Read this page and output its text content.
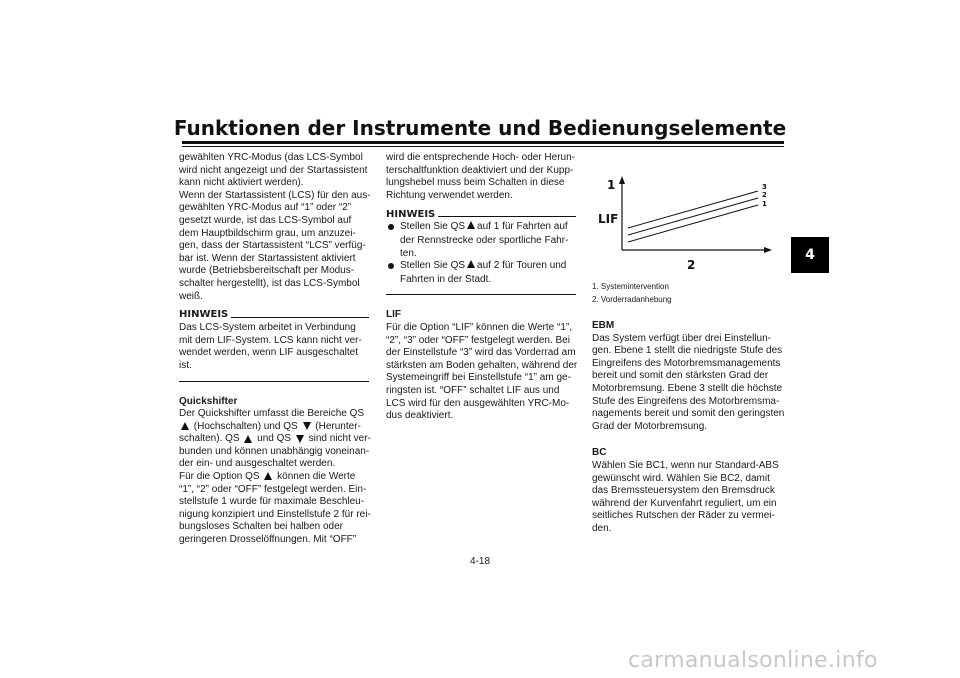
Funktionen der Instrumente und Bedienungselemente
4

gewählten YRC-Modus (das LCS-Symbol

wird nicht angezeigt und der Startassistent

kann nicht aktiviert werden).

Wenn der Startassistent (LCS) für den aus-

gewählten YRC-Modus auf “1” oder “2”

gesetzt wurde, ist das LCS-Symbol auf

dem Hauptbildschirm grau, um anzuzei-

gen, dass der Startassistent “LCS” verfüg-

bar ist. Wenn der Startassistent aktiviert

wurde (Betriebsbereitschaft per Modus-

schalter hergestellt), ist das LCS-Symbol

weiß.

HINWEIS

Das LCS-System arbeitet in Verbindung

mit dem LIF-System. LCS kann nicht ver-

wendet werden, wenn LIF ausgeschaltet

ist.

Quickshifter

Der Quickshifter umfasst die Bereiche QS

(Hochschalten) und QS (Herunter-

schalten). QS und QS sind nicht ver-

bunden und können unabhängig voneinan-

der ein- und ausgeschaltet werden.

Für die Option QS können die Werte

“1”, “2” oder “OFF” festgelegt werden. Ein-

stellstufe 1 wurde für maximale Beschleu-

nigung konzipiert und Einstellstufe 2 für rei-

bungsloses Schalten bei halben oder

geringeren Drosselöffnungen. Mit “OFF”

wird die entsprechende Hoch- oder Herun-

terschaltfunktion deaktiviert und der Kupp-

lungshebel muss beim Schalten in diese

Richtung verwendet werden.

HINWEIS
Stellen Sie QS auf 1 für Fahrten auf
der Rennstrecke oder sportliche Fahr-
ten.
Stellen Sie QS auf 2 für Touren und
Fahrten in der Stadt.

LIF

Für die Option “LIF” können die Werte “1”,

“2”, “3” oder “OFF” festgelegt werden. Bei

der Einstellstufe “3” wird das Vorderrad am

stärksten am Boden gehalten, während der

Systemeingriff bei Einstellstufe “1” am ge-

ringsten ist. “OFF” schaltet LIF aus und

LCS wird für den ausgewählten YRC-Mo-

dus deaktiviert.

1
LIF
3
2
1
2

1. Systemintervention

2. Vorderradanhebung

EBM

Das System verfügt über drei Einstellun-

gen. Ebene 1 stellt die niedrigste Stufe des

Eingreifens des Motorbremsmanagements

bereit und somit den stärksten Grad der

Motorbremsung. Ebene 3 stellt die höchste

Stufe des Eingreifens des Motorbremsma-

nagements bereit und somit den geringsten

Grad der Motorbremsung.

BC

Wählen Sie BC1, wenn nur Standard-ABS

gewünscht wird. Wählen Sie BC2, damit

das Bremssteuersystem den Bremsdruck

während der Kurvenfahrt reguliert, um ein

seitliches Rutschen der Räder zu vermei-

den.

4-18
carmanualsonline.info
